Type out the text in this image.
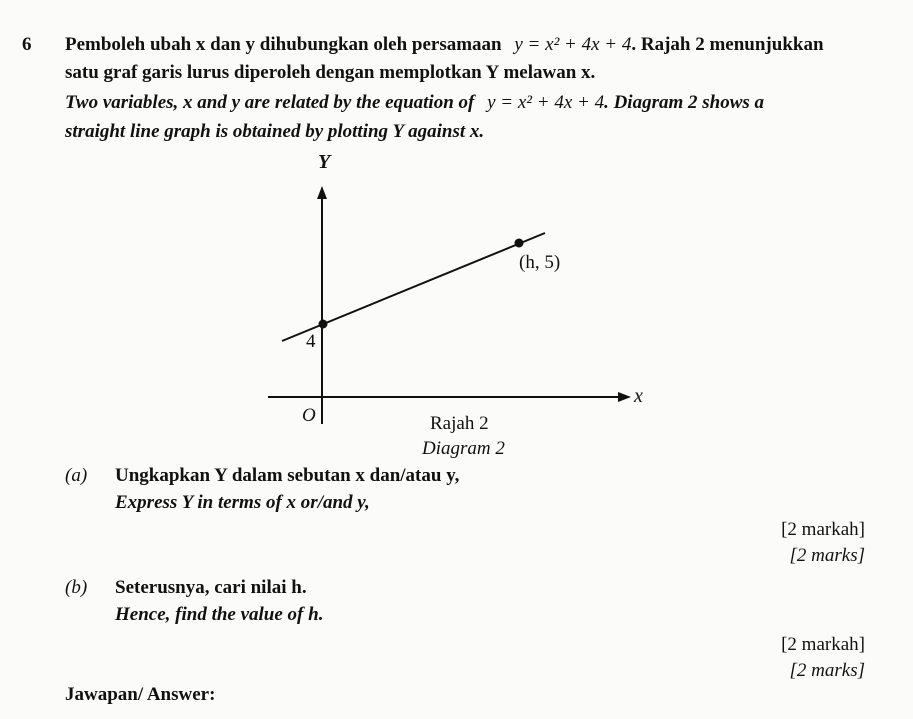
6 Pemboleh ubah x dan y dihubungkan oleh persamaan y = x² + 4x + 4. Rajah 2 menunjukkan
satu graf garis lurus diperoleh dengan memplotkan Y melawan x.
Two variables, x and y are related by the equation of y = x² + 4x + 4. Diagram 2 shows a
straight line graph is obtained by plotting Y against x.
Y
x
O
4
(h, 5)
Rajah 2
Diagram 2
(a) Ungkapkan Y dalam sebutan x dan/atau y,
Express Y in terms of x or/and y,
[2 markah]
[2 marks]
(b) Seterusnya, cari nilai h.
Hence, find the value of h.
[2 markah]
[2 marks]
Jawapan/ Answer:
